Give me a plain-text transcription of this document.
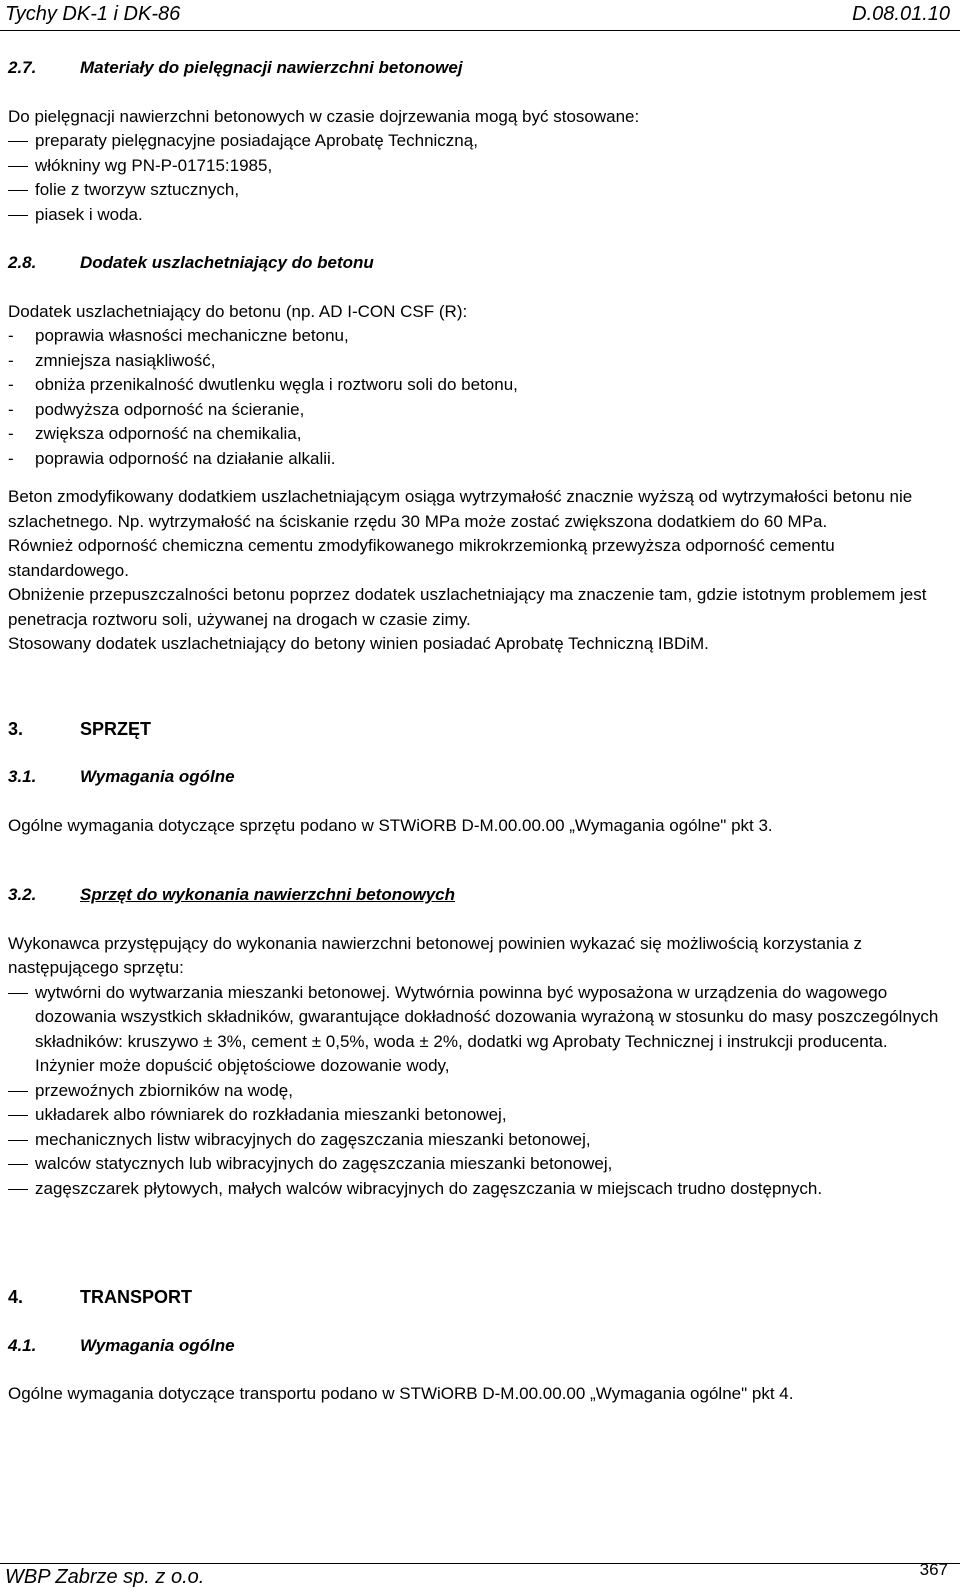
Tychy DK-1 i DK-86	D.08.01.10

2.7.	Materiały do pielęgnacji nawierzchni betonowej

Do pielęgnacji nawierzchni betonowych w czasie dojrzewania mogą być stosowane:

preparaty pielęgnacyjne posiadające Aprobatę Techniczną,
włókniny wg PN-P-01715:1985,
folie z tworzyw sztucznych,
piasek i woda.

2.8.	Dodatek uszlachetniający do betonu

Dodatek uszlachetniający do betonu (np. AD I-CON CSF (R):

- poprawia własności mechaniczne betonu,
- zmniejsza nasiąkliwość,
- obniża przenikalność dwutlenku węgla i roztworu soli do betonu,
- podwyższa odporność na ścieranie,
- zwiększa odporność na chemikalia,
- poprawia odporność na działanie alkalii.

Beton zmodyfikowany dodatkiem uszlachetniającym osiąga wytrzymałość znacznie wyższą od wytrzymałości betonu nie szlachetnego. Np. wytrzymałość na ściskanie rzędu 30 MPa może zostać zwiększona dodatkiem do 60 MPa.

Również odporność chemiczna cementu zmodyfikowanego mikrokrzemionką przewyższa odporność cementu standardowego.

Obniżenie przepuszczalności betonu poprzez dodatek uszlachetniający ma znaczenie tam, gdzie istotnym problemem jest penetracja roztworu soli, używanej na drogach w czasie zimy.

Stosowany dodatek uszlachetniający do betony winien posiadać Aprobatę Techniczną IBDiM.

3.	SPRZĘT

3.1.	Wymagania ogólne

Ogólne wymagania dotyczące sprzętu podano w STWiORB D-M.00.00.00 „Wymagania ogólne" pkt 3.

3.2.	Sprzęt do wykonania nawierzchni betonowych

Wykonawca przystępujący do wykonania nawierzchni betonowej powinien wykazać się możliwością korzystania z następującego sprzętu:

wytwórni do wytwarzania mieszanki betonowej. Wytwórnia powinna być wyposażona w urządzenia do wagowego dozowania wszystkich składników, gwarantujące dokładność dozowania wyrażoną w stosunku do masy poszczególnych składników: kruszywo ± 3%, cement ± 0,5%, woda ± 2%, dodatki wg Aprobaty Technicznej i instrukcji producenta. Inżynier może dopuścić objętościowe dozowanie wody,
przewoźnych zbiorników na wodę,
układarek albo równiarek do rozkładania mieszanki betonowej,
mechanicznych listw wibracyjnych do zagęszczania mieszanki betonowej,
walców statycznych lub wibracyjnych do zagęszczania mieszanki betonowej,
zagęszczarek płytowych, małych walców wibracyjnych do zagęszczania w miejscach trudno dostępnych.

4.	TRANSPORT

4.1.	Wymagania ogólne

Ogólne wymagania dotyczące transportu podano w STWiORB D-M.00.00.00 „Wymagania ogólne" pkt 4.

WBP Zabrze sp. z o.o.	367
